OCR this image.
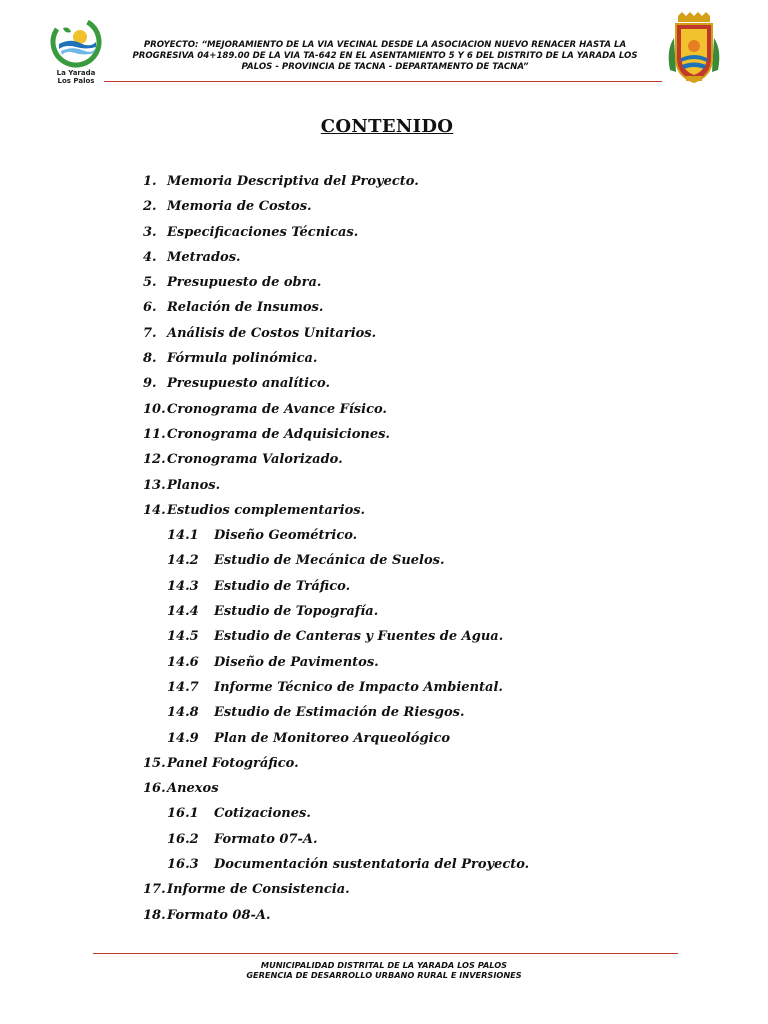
La Yarada
Los Palos
PROYECTO: “MEJORAMIENTO DE LA VIA VECINAL DESDE LA ASOCIACION NUEVO RENACER HASTA LA
PROGRESIVA 04+189.00 DE LA VIA TA-642 EN EL ASENTAMIENTO 5 Y 6 DEL DISTRITO DE LA YARADA LOS
PALOS - PROVINCIA DE TACNA - DEPARTAMENTO DE TACNA”
CONTENIDO
1. Memoria Descriptiva del Proyecto.
2. Memoria de Costos.
3. Especificaciones Técnicas.
4. Metrados.
5. Presupuesto de obra.
6. Relación de Insumos.
7. Análisis de Costos Unitarios.
8. Fórmula polinómica.
9. Presupuesto analítico.
10. Cronograma de Avance Físico.
11. Cronograma de Adquisiciones.
12. Cronograma Valorizado.
13. Planos.
14. Estudios complementarios.
14.1 Diseño Geométrico.
14.2 Estudio de Mecánica de Suelos.
14.3 Estudio de Tráfico.
14.4 Estudio de Topografía.
14.5 Estudio de Canteras y Fuentes de Agua.
14.6 Diseño de Pavimentos.
14.7 Informe Técnico de Impacto Ambiental.
14.8 Estudio de Estimación de Riesgos.
14.9 Plan de Monitoreo Arqueológico
15. Panel Fotográfico.
16. Anexos
16.1 Cotizaciones.
16.2 Formato 07-A.
16.3 Documentación sustentatoria del Proyecto.
17. Informe de Consistencia.
18. Formato 08-A.
MUNICIPALIDAD DISTRITAL DE LA YARADA LOS PALOS
GERENCIA DE DESARROLLO URBANO RURAL E INVERSIONES
